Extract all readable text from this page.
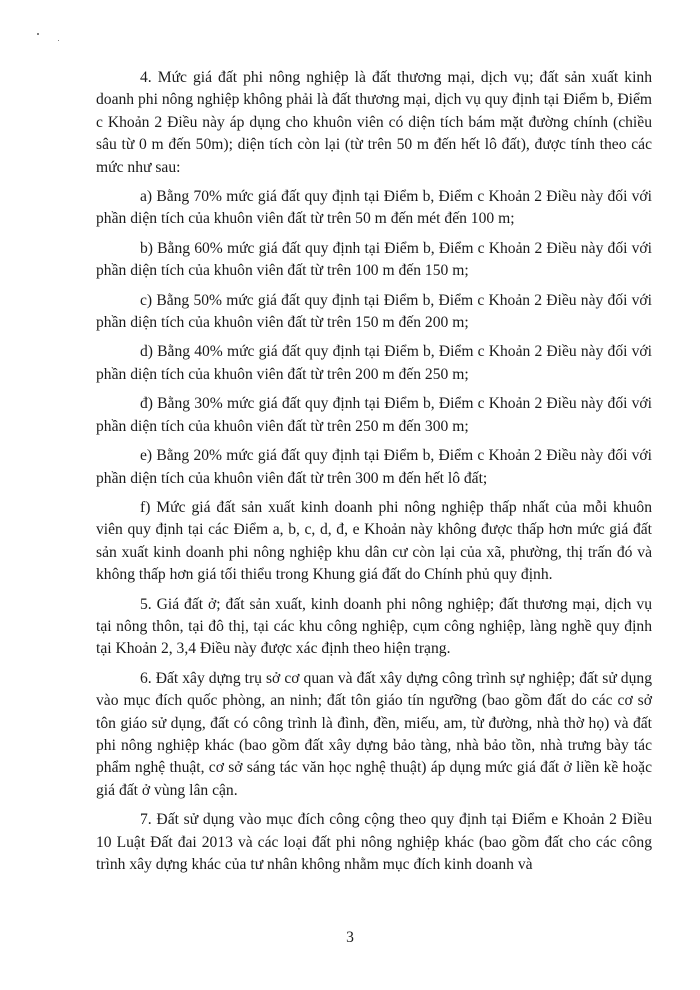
4. Mức giá đất phi nông nghiệp là đất thương mại, dịch vụ; đất sản xuất kinh doanh phi nông nghiệp không phải là đất thương mại, dịch vụ quy định tại Điểm b, Điểm c Khoản 2 Điều này áp dụng cho khuôn viên có diện tích bám mặt đường chính (chiều sâu từ 0 m đến 50m); diện tích còn lại (từ trên 50 m đến hết lô đất), được tính theo các mức như sau:

a) Bằng 70% mức giá đất quy định tại Điểm b, Điểm c Khoản 2 Điều này đối với phần diện tích của khuôn viên đất từ trên 50 m đến mét đến 100 m;

b) Bằng 60% mức giá đất quy định tại Điểm b, Điểm c Khoản 2 Điều này đối với phần diện tích của khuôn viên đất từ trên 100 m đến 150 m;

c) Bằng 50% mức giá đất quy định tại Điểm b, Điểm c Khoản 2 Điều này đối với phần diện tích của khuôn viên đất từ trên 150 m đến 200 m;

d) Bằng 40% mức giá đất quy định tại Điểm b, Điểm c Khoản 2 Điều này đối với phần diện tích của khuôn viên đất từ trên 200 m đến 250 m;

đ) Bằng 30% mức giá đất quy định tại Điểm b, Điểm c Khoản 2 Điều này đối với phần diện tích của khuôn viên đất từ trên 250 m đến 300 m;

e) Bằng 20% mức giá đất quy định tại Điểm b, Điểm c Khoản 2 Điều này đối với phần diện tích của khuôn viên đất từ trên 300 m đến hết lô đất;

f) Mức giá đất sản xuất kinh doanh phi nông nghiệp thấp nhất của mỗi khuôn viên quy định tại các Điểm a, b, c, d, đ, e Khoản này không được thấp hơn mức giá đất sản xuất kinh doanh phi nông nghiệp khu dân cư còn lại của xã, phường, thị trấn đó và không thấp hơn giá tối thiểu trong Khung giá đất do Chính phủ quy định.

5. Giá đất ở; đất sản xuất, kinh doanh phi nông nghiệp; đất thương mại, dịch vụ tại nông thôn, tại đô thị, tại các khu công nghiệp, cụm công nghiệp, làng nghề quy định tại Khoản 2, 3,4 Điều này được xác định theo hiện trạng.

6. Đất xây dựng trụ sở cơ quan và đất xây dựng công trình sự nghiệp; đất sử dụng vào mục đích quốc phòng, an ninh; đất tôn giáo tín ngưỡng (bao gồm đất do các cơ sở tôn giáo sử dụng, đất có công trình là đình, đền, miếu, am, từ đường, nhà thờ họ) và đất phi nông nghiệp khác (bao gồm đất xây dựng bảo tàng, nhà bảo tồn, nhà trưng bày tác phẩm nghệ thuật, cơ sở sáng tác văn học nghệ thuật) áp dụng mức giá đất ở liền kề hoặc giá đất ở vùng lân cận.

7. Đất sử dụng vào mục đích công cộng theo quy định tại Điểm e Khoản 2 Điều 10 Luật Đất đai 2013 và các loại đất phi nông nghiệp khác (bao gồm đất cho các công trình xây dựng khác của tư nhân không nhằm mục đích kinh doanh và

3
